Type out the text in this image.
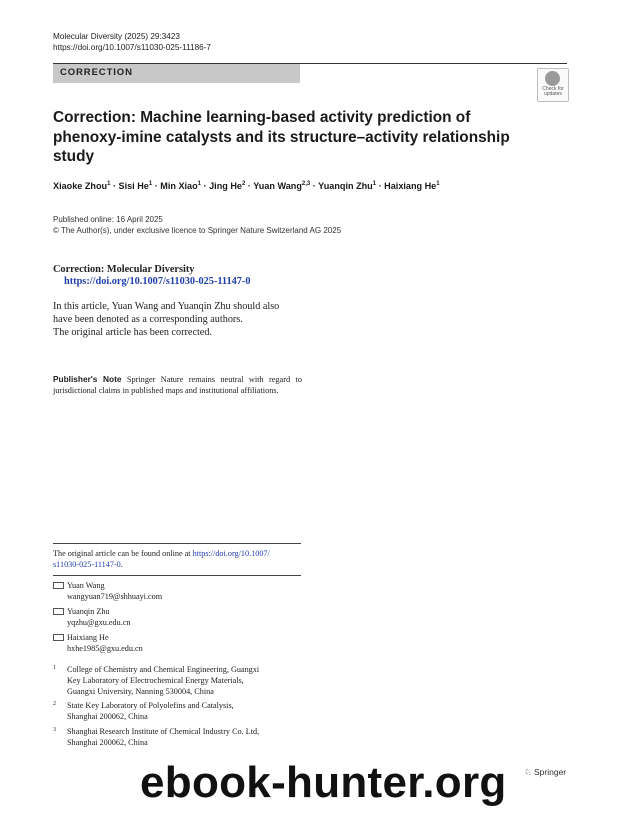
Molecular Diversity (2025) 29:3423
https://doi.org/10.1007/s11030-025-11186-7
CORRECTION
Check for updates
Correction: Machine learning-based activity prediction of phenoxy-imine catalysts and its structure–activity relationship study
Xiaoke Zhou$^1$ · Sisi $He^1$ · Min Xiao$^1$ · Jing $He^2$ · Yuan Wang$^{2,3}$ · Yuanqin Zhu$^1$ · Haixiang He$^1$
Published online: 16 April 2025
© The Author(s), under exclusive licence to Springer Nature Switzerland AG 2025
Correction: Molecular Diversity
https://doi.org/10.1007/s11030-025-11147-0
In this article, Yuan Wang and Yuanqin Zhu should also
have been denoted as a corresponding authors.
The original article has been corrected.
Publisher's Note Springer Nature remains neutral with regard to jurisdictional claims in published maps and institutional affiliations.
The original article can be found online at https://doi.org/10.1007/
s11030-025-11147-0.
Yuan Wang
wangyuan719@shhuayi.com
Yuanqin Zhu
yqzhu@gxu.edu.cn
Haixiang He
hxhe1985@gxu.edu.cn
1 College of Chemistry and Chemical Engineering, Guangxi
Key Laboratory of Electrochemical Energy Materials,
Guangxi University, Nanning 530004, China
2 State Key Laboratory of Polyolefins and Catalysis,
Shanghai 200062, China
3 Shanghai Research Institute of Chemical Industry Co. Ltd,
Shanghai 200062, China
♘ Springer
ebook-hunter.org
